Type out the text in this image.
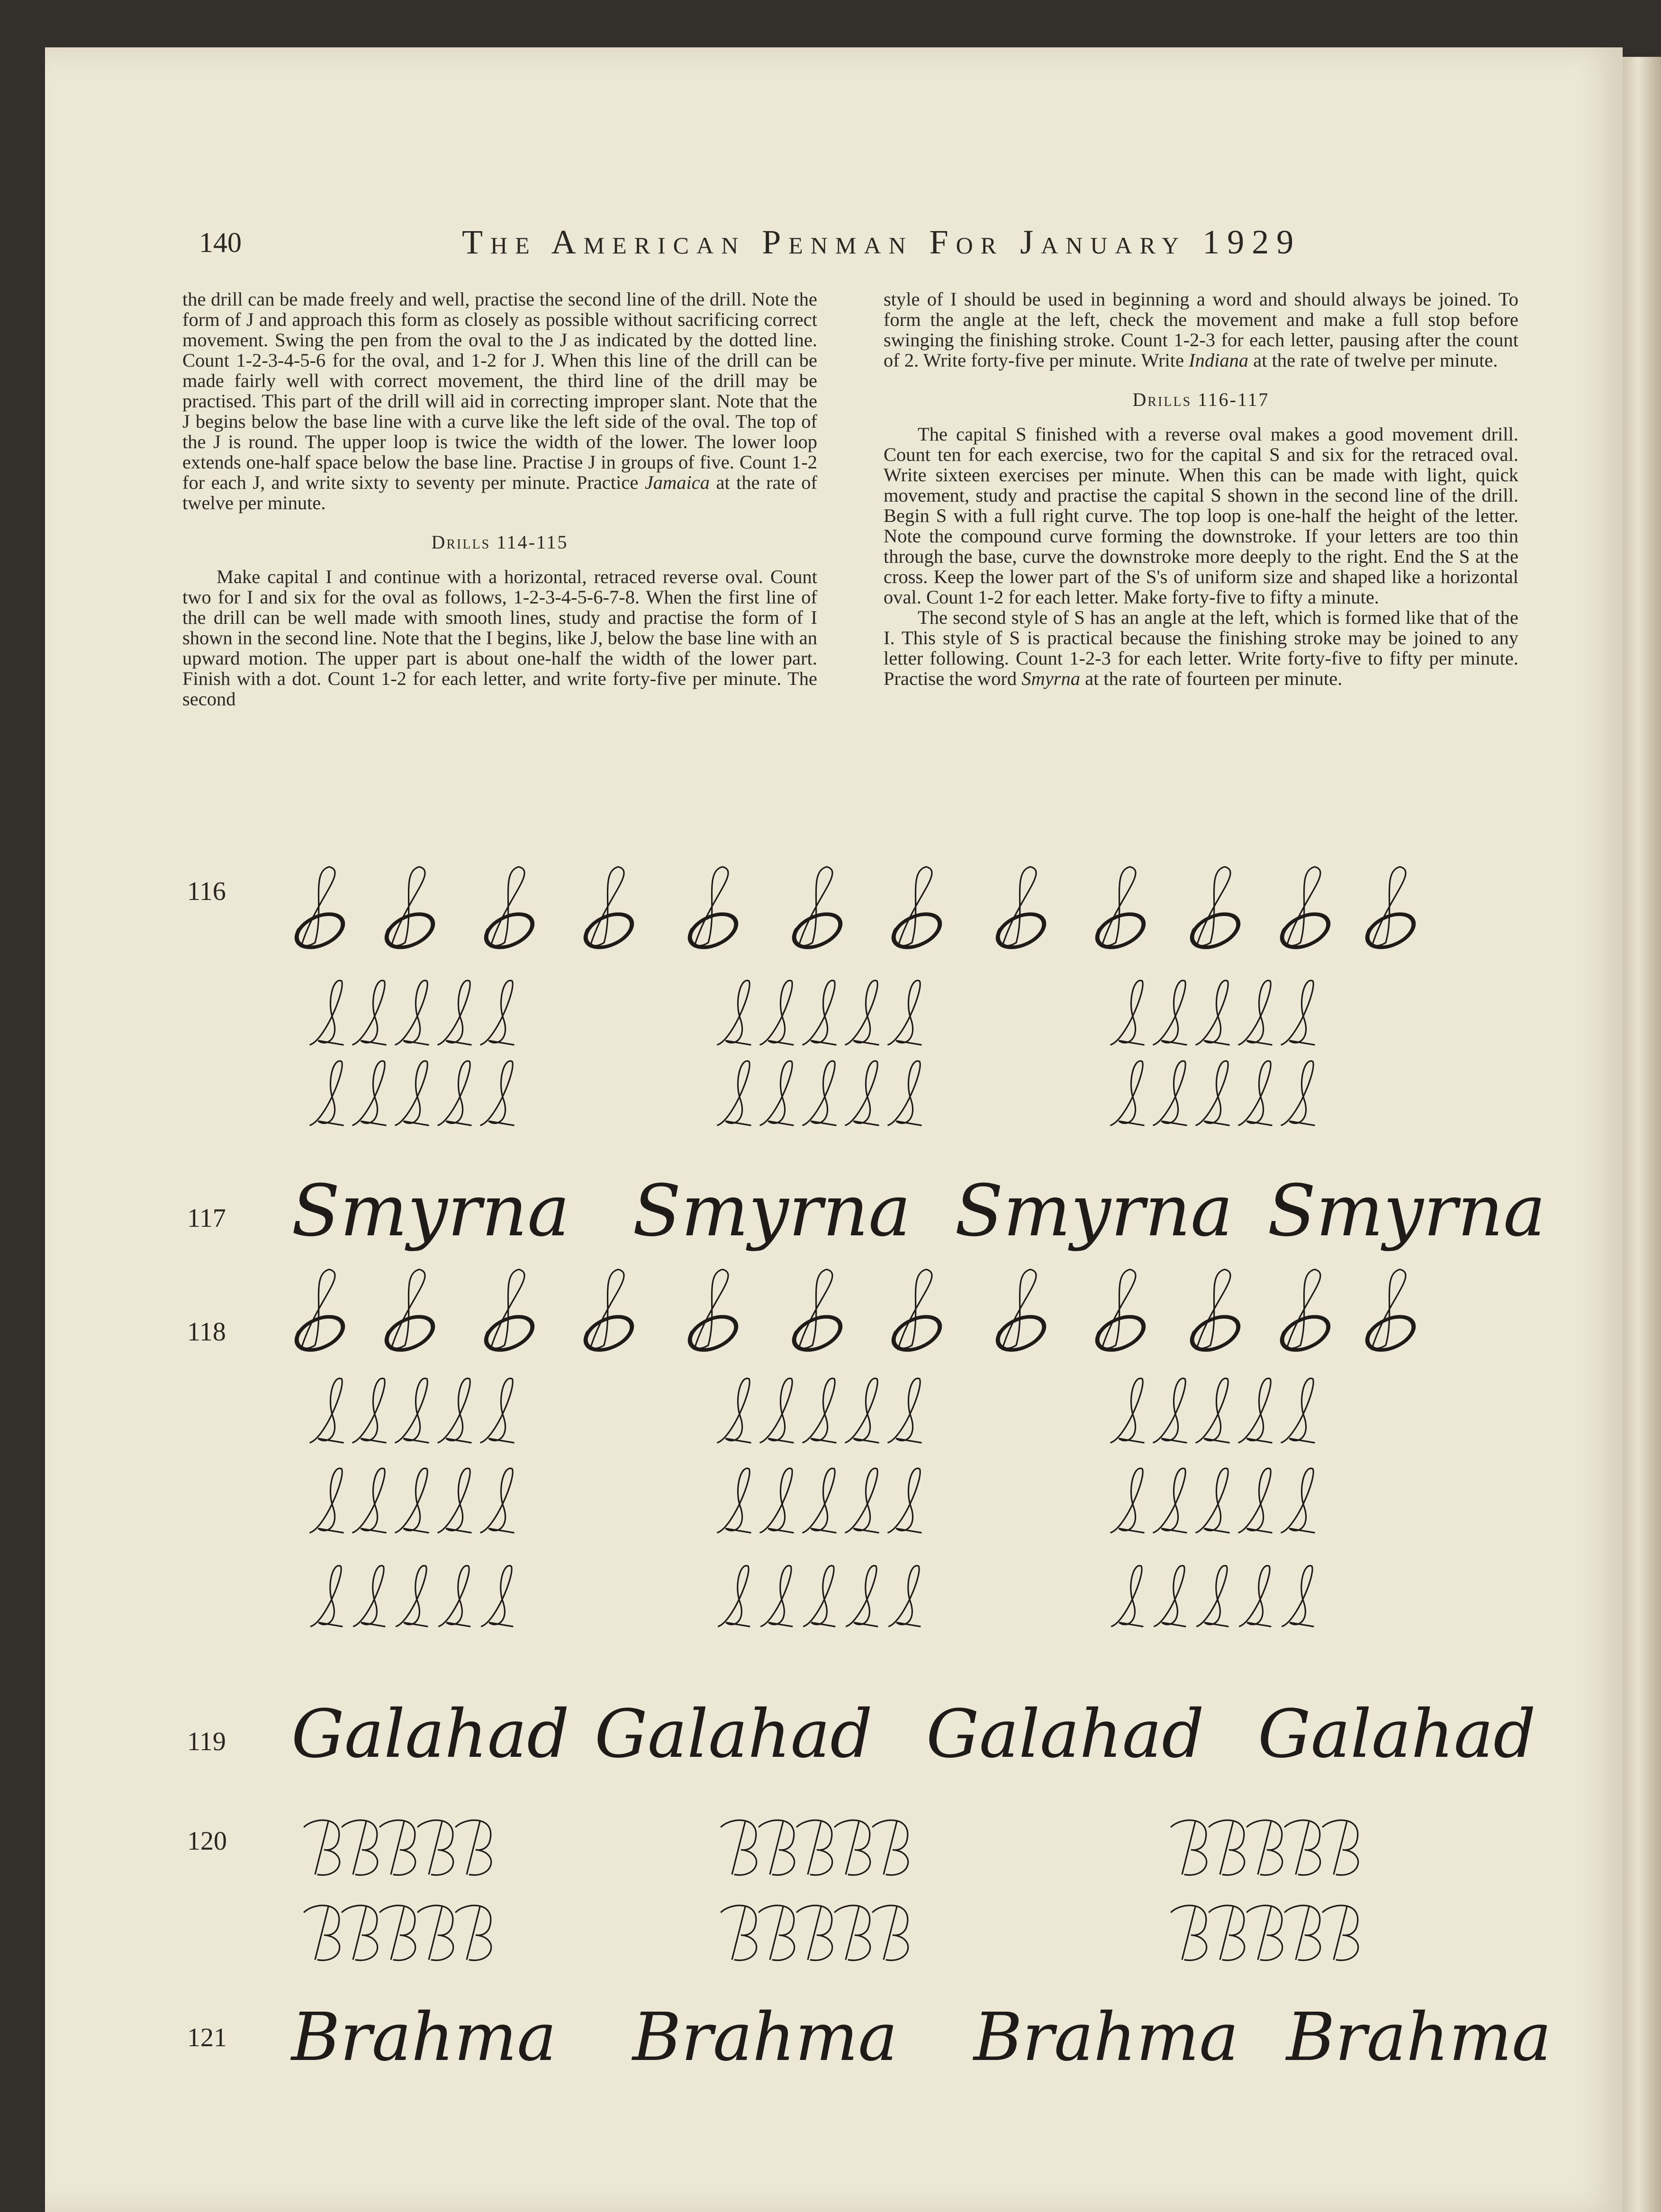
140	The American Penman For January 1929

the drill can be made freely and well, practise the second line of the drill. Note the form of J and approach this form as closely as possible without sacrificing correct movement. Swing the pen from the oval to the J as indicated by the dotted line. Count 1-2-3-4-5-6 for the oval, and 1-2 for J. When this line of the drill can be made fairly well with correct movement, the third line of the drill may be practised. This part of the drill will aid in correcting improper slant. Note that the J begins below the base line with a curve like the left side of the oval. The top of the J is round. The upper loop is twice the width of the lower. The lower loop extends one-half space below the base line. Practise J in groups of five. Count 1-2 for each J, and write sixty to seventy per minute. Practice Jamaica at the rate of twelve per minute.

Drills 114-115

Make capital I and continue with a horizontal, retraced reverse oval. Count two for I and six for the oval as follows, 1-2-3-4-5-6-7-8. When the first line of the drill can be well made with smooth lines, study and practise the form of I shown in the second line. Note that the I begins, like J, below the base line with an upward motion. The upper part is about one-half the width of the lower part. Finish with a dot. Count 1-2 for each letter, and write forty-five per minute. The second

style of I should be used in beginning a word and should always be joined. To form the angle at the left, check the movement and make a full stop before swinging the finishing stroke. Count 1-2-3 for each letter, pausing after the count of 2. Write forty-five per minute. Write Indiana at the rate of twelve per minute.

Drills 116-117

The capital S finished with a reverse oval makes a good movement drill. Count ten for each exercise, two for the capital S and six for the retraced oval. Write sixteen exercises per minute. When this can be made with light, quick movement, study and practise the capital S shown in the second line of the drill. Begin S with a full right curve. The top loop is one-half the height of the letter. Note the compound curve forming the downstroke. If your letters are too thin through the base, curve the downstroke more deeply to the right. End the S at the cross. Keep the lower part of the S's of uniform size and shaped like a horizontal oval. Count 1-2 for each letter. Make forty-five to fifty a minute.

The second style of S has an angle at the left, which is formed like that of the I. This style of S is practical because the finishing stroke may be joined to any letter following. Count 1-2-3 for each letter. Write forty-five to fifty per minute. Practise the word Smyrna at the rate of fourteen per minute.

116
117 Smyrna Smyrna Smyrna Smyrna
118
119 Galahad Galahad Galahad Galahad
120
121 Brahma Brahma Brahma Brahma
